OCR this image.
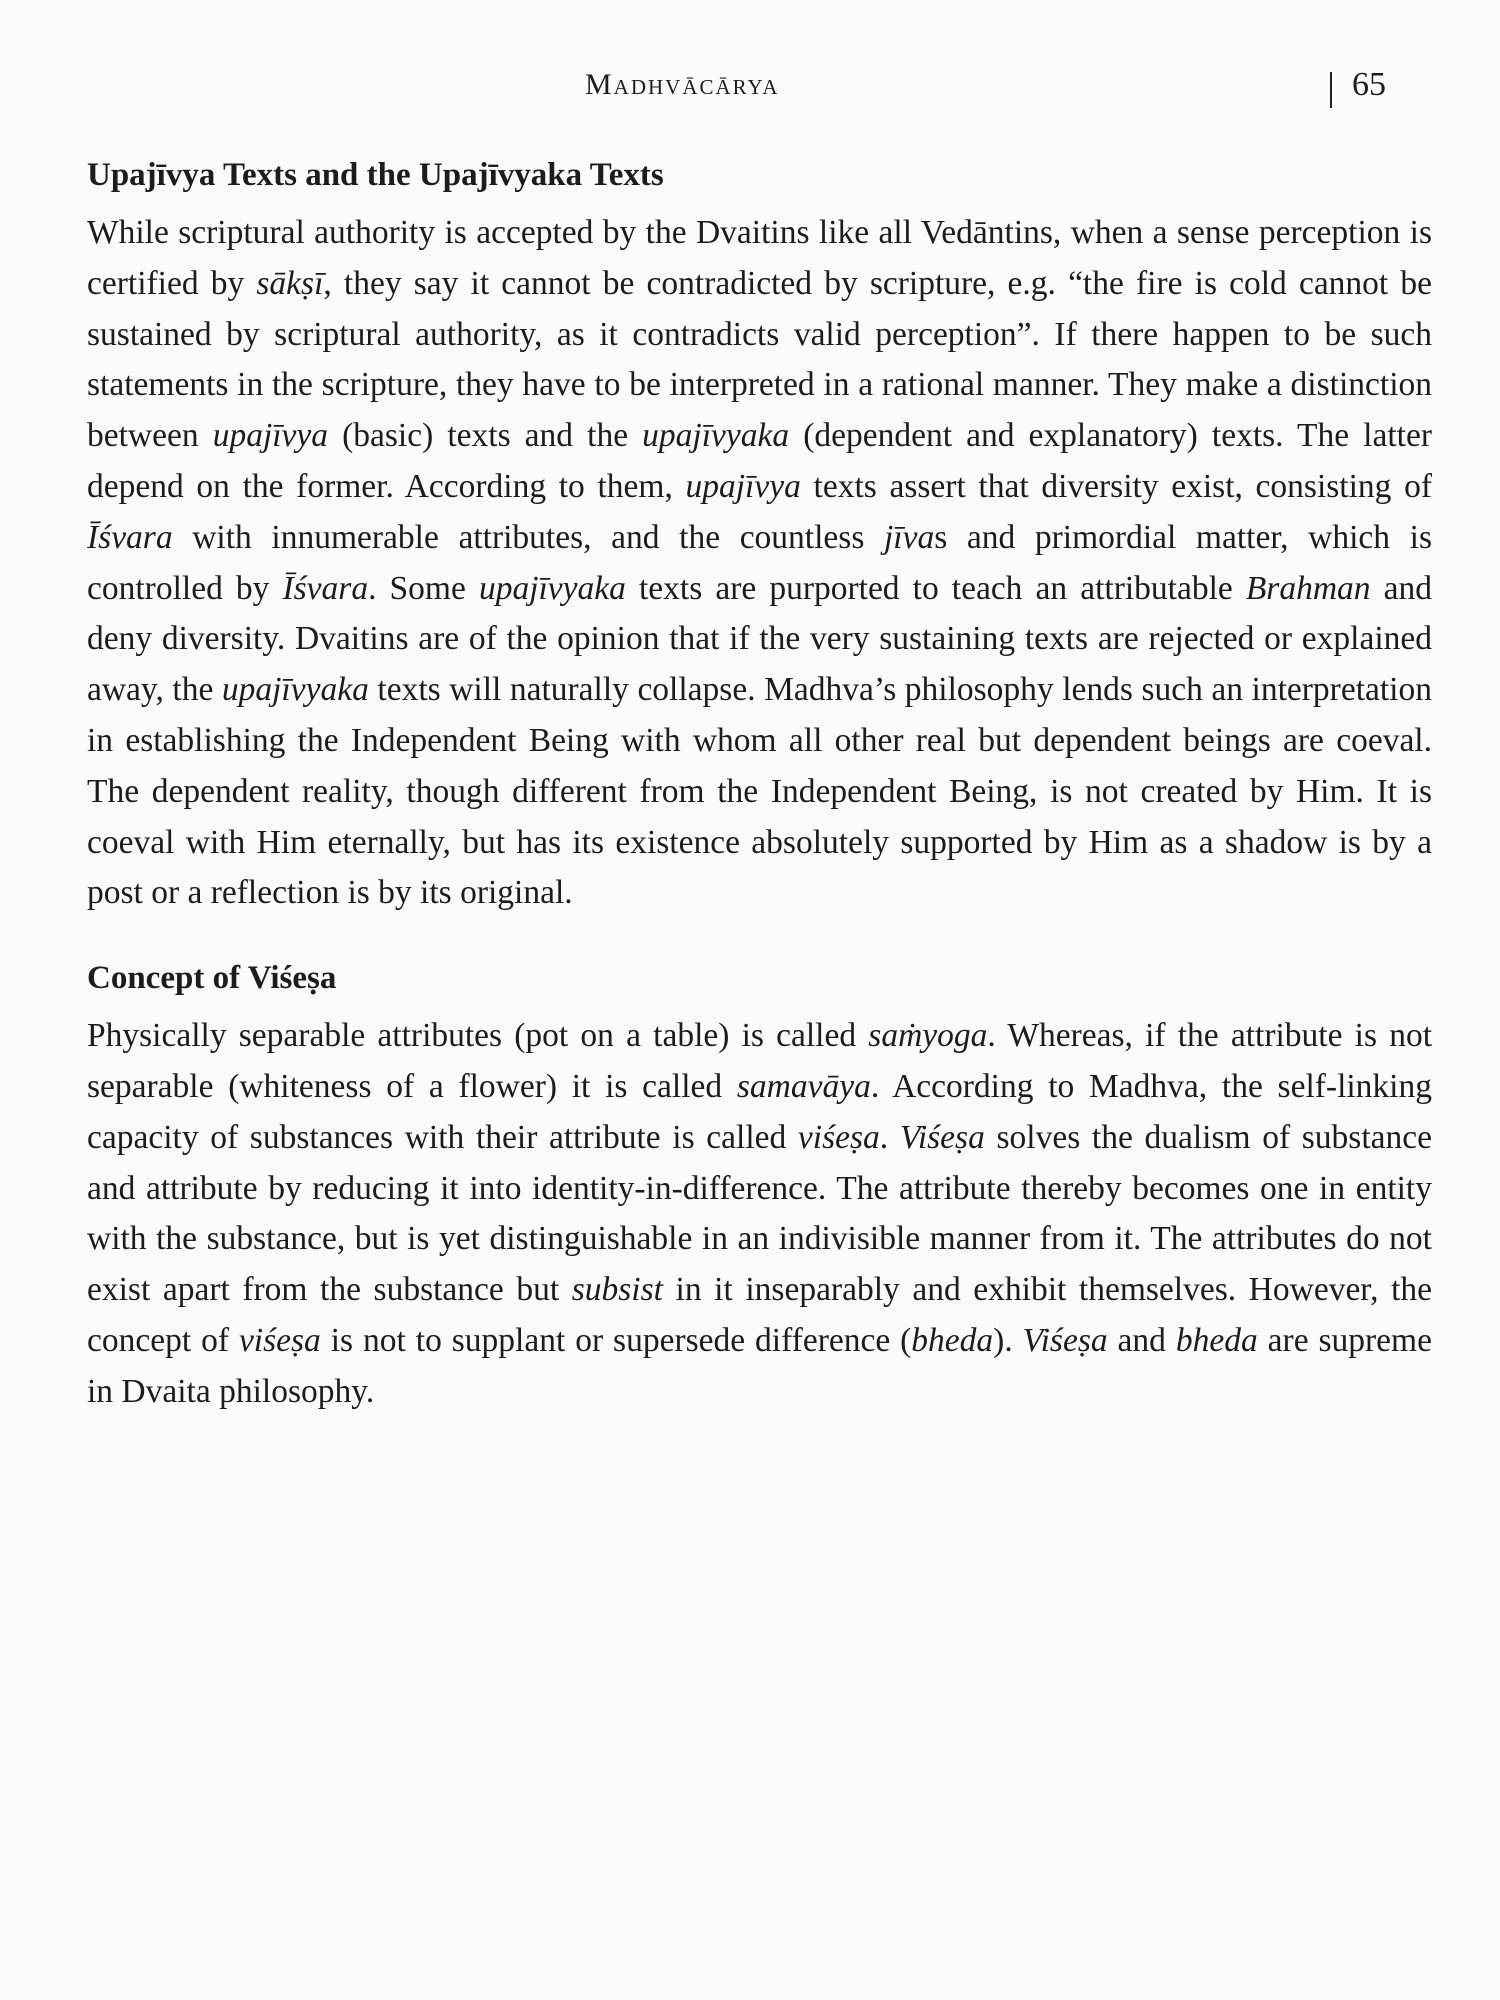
Madhvācārya	65
Upajīvya Texts and the Upajīvyaka Texts

While scriptural authority is accepted by the Dvaitins like all Vedāntins, when a sense perception is certified by sākṣī, they say it cannot be contradicted by scripture, e.g. “the fire is cold cannot be sustained by scriptural authority, as it contradicts valid perception”. If there happen to be such statements in the scripture, they have to be interpreted in a rational manner. They make a distinction between upajīvya (basic) texts and the upajīvyaka (dependent and explanatory) texts. The latter depend on the former. According to them, upajīvya texts assert that diversity exist, consisting of Īśvara with innumerable attributes, and the countless jīvas and primordial matter, which is controlled by Īśvara. Some upajīvyaka texts are purported to teach an attributable Brahman and deny diversity. Dvaitins are of the opinion that if the very sustaining texts are rejected or explained away, the upajīvyaka texts will naturally collapse. Madhva’s philosophy lends such an interpretation in establishing the Independent Being with whom all other real but dependent beings are coeval. The dependent reality, though different from the Independent Being, is not created by Him. It is coeval with Him eternally, but has its existence absolutely supported by Him as a shadow is by a post or a reflection is by its original.

Concept of Viśeṣa

Physically separable attributes (pot on a table) is called saṁyoga. Whereas, if the attribute is not separable (whiteness of a flower) it is called samavāya. According to Madhva, the self-linking capacity of substances with their attribute is called viśeṣa. Viśeṣa solves the dualism of substance and attribute by reducing it into identity-in-difference. The attribute thereby becomes one in entity with the substance, but is yet distinguishable in an indivisible manner from it. The attributes do not exist apart from the substance but subsist in it inseparably and exhibit themselves. However, the concept of viśeṣa is not to supplant or supersede difference (bheda). Viśeṣa and bheda are supreme in Dvaita philosophy.
